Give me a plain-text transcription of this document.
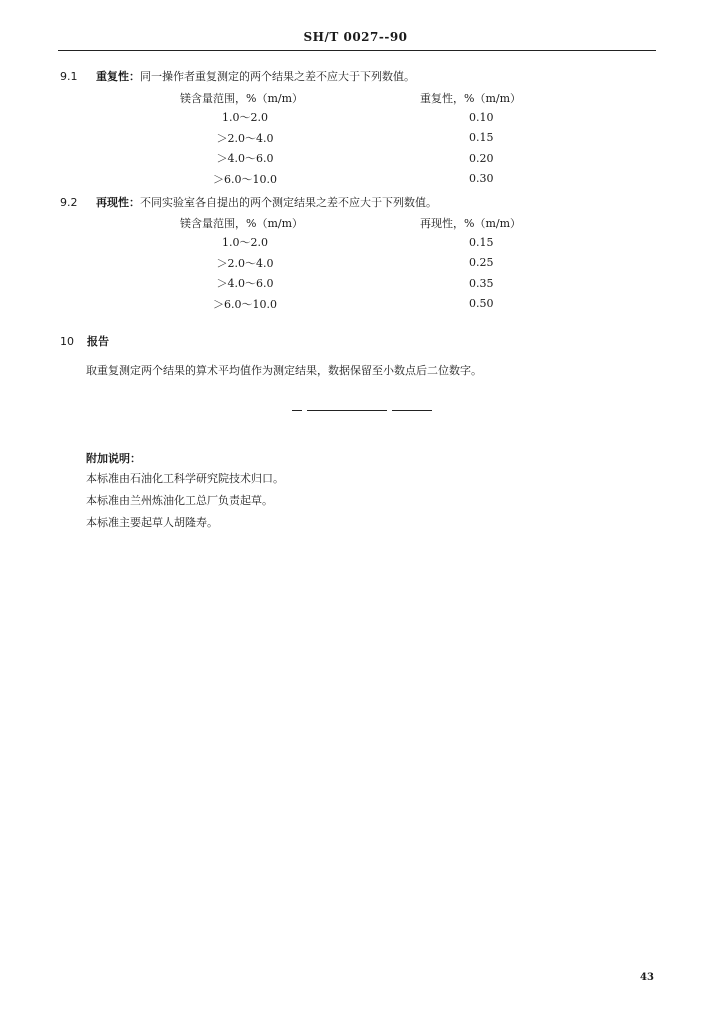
SH/T 0027--90
9.1 重复性：同一操作者重复测定的两个结果之差不应大于下列数值。
镁含量范围，%（m/m）	重复性，%（m/m）
1.0～2.0	0.10
＞2.0～4.0	0.15
＞4.0～6.0	0.20
＞6.0～10.0	0.30
9.2 再现性：不同实验室各自提出的两个测定结果之差不应大于下列数值。
镁含量范围，%（m/m）	再现性，%（m/m）
1.0～2.0	0.15
＞2.0～4.0	0.25
＞4.0～6.0	0.35
＞6.0～10.0	0.50
10 报告
取重复测定两个结果的算术平均值作为测定结果，数据保留至小数点后二位数字。
附加说明：
本标准由石油化工科学研究院技术归口。
本标准由兰州炼油化工总厂负责起草。
本标准主要起草人胡隆寿。
43
